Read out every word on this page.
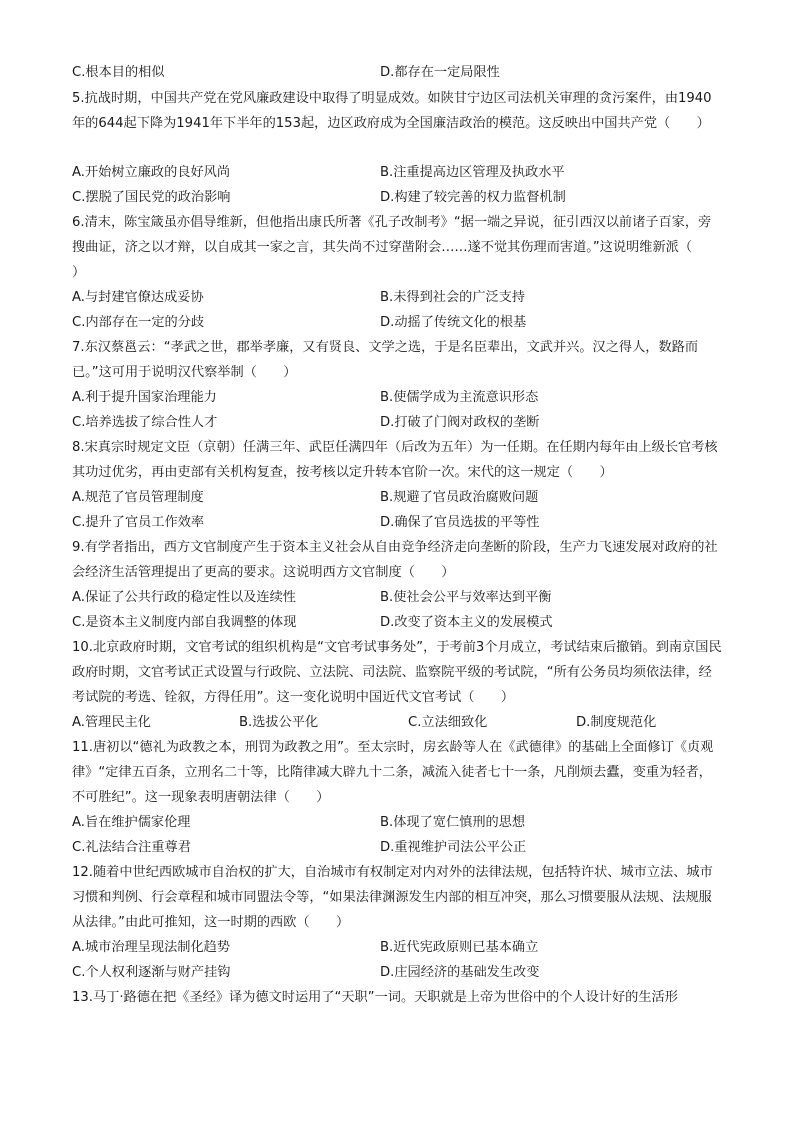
C.根本目的相似	D.都存在一定局限性
5.抗战时期，中国共产党在党风廉政建设中取得了明显成效。如陕甘宁边区司法机关审理的贪污案件，由1940年的644起下降为1941年下半年的153起，边区政府成为全国廉洁政治的模范。这反映出中国共产党（　　）
A.开始树立廉政的良好风尚	B.注重提高边区管理及执政水平
C.摆脱了国民党的政治影响	D.构建了较完善的权力监督机制
6.清末，陈宝箴虽亦倡导维新，但他指出康氏所著《孔子改制考》“据一端之异说，征引西汉以前诸子百家，旁搜曲证，济之以才辩，以自成其一家之言，其失尚不过穿凿附会……遂不觉其伤理而害道。”这说明维新派（　　）
A.与封建官僚达成妥协	B.未得到社会的广泛支持
C.内部存在一定的分歧	D.动摇了传统文化的根基
7.东汉蔡邕云：“孝武之世，郡举孝廉，又有贤良、文学之选，于是名臣辈出，文武并兴。汉之得人，数路而已。”这可用于说明汉代察举制（　　）
A.利于提升国家治理能力	B.使儒学成为主流意识形态
C.培养选拔了综合性人才	D.打破了门阀对政权的垄断
8.宋真宗时规定文臣（京朝）任满三年、武臣任满四年（后改为五年）为一任期。在任期内每年由上级长官考核其功过优劣，再由吏部有关机构复查，按考核以定升转本官阶一次。宋代的这一规定（　　）
A.规范了官员管理制度	B.规避了官员政治腐败问题
C.提升了官员工作效率	D.确保了官员选拔的平等性
9.有学者指出，西方文官制度产生于资本主义社会从自由竞争经济走向垄断的阶段，生产力飞速发展对政府的社会经济生活管理提出了更高的要求。这说明西方文官制度（　　）
A.保证了公共行政的稳定性以及连续性	B.使社会公平与效率达到平衡
C.是资本主义制度内部自我调整的体现	D.改变了资本主义的发展模式
10.北京政府时期，文官考试的组织机构是“文官考试事务处”，于考前3个月成立，考试结束后撤销。到南京国民政府时期，文官考试正式设置与行政院、立法院、司法院、监察院平级的考试院，“所有公务员均须依法律，经考试院的考选、铨叙，方得任用”。这一变化说明中国近代文官考试（　　）
A.管理民主化	B.选拔公平化	C.立法细致化	D.制度规范化
11.唐初以“德礼为政教之本，刑罚为政教之用”。至太宗时，房玄龄等人在《武德律》的基础上全面修订《贞观律》“定律五百条，立刑名二十等，比隋律减大辟九十二条，减流入徒者七十一条，凡削烦去蠹，变重为轻者，不可胜纪”。这一现象表明唐朝法律（　　）
A.旨在维护儒家伦理	B.体现了宽仁慎刑的思想
C.礼法结合注重尊君	D.重视维护司法公平公正
12.随着中世纪西欧城市自治权的扩大，自治城市有权制定对内对外的法律法规，包括特许状、城市立法、城市习惯和判例、行会章程和城市同盟法令等，“如果法律渊源发生内部的相互冲突，那么习惯要服从法规、法规服从法律。”由此可推知，这一时期的西欧（　　）
A.城市治理呈现法制化趋势	B.近代宪政原则已基本确立
C.个人权利逐渐与财产挂钩	D.庄园经济的基础发生改变
13.马丁·路德在把《圣经》译为德文时运用了“天职”一词。天职就是上帝为世俗中的个人设计好的生活形
